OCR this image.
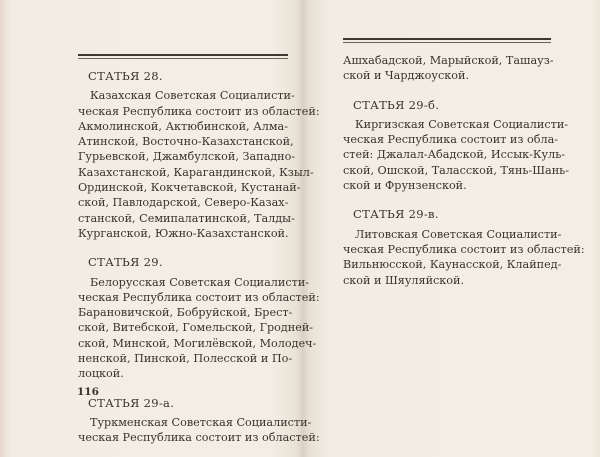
СТАТЬЯ 28.
Казахская Советская Социалисти-
ческая Республика состоит из областей:
Акмолинской, Актюбинской, Алма-
Атинской, Восточно-Казахстанской,
Гурьевской, Джамбулской, Западно-
Казахстанской, Карагандинской, Кзыл-
Ординской, Кокчетавской, Кустанай-
ской, Павлодарской, Северо-Казах-
станской, Семипалатинской, Талды-
Курганской, Южно-Казахстанской.
СТАТЬЯ 29.
Белорусская Советская Социалисти-
ческая Республика состоит из областей:
Барановичской, Бобруйской, Брест-
ской, Витебской, Гомельской, Гродней-
ской, Минской, Могилёвской, Молодеч-
ненской, Пинской, Полесской и По-
лоцкой.
СТАТЬЯ 29-а.
Туркменская Советская Социалисти-
ческая Республика состоит из областей:
116
Ашхабадской, Марыйской, Ташауз-
ской и Чарджоуской.
СТАТЬЯ 29-б.
Киргизская Советская Социалисти-
ческая Республика состоит из обла-
стей: Джалал-Абадской, Иссык-Куль-
ской, Ошской, Таласской, Тянь-Шань-
ской и Фрунзенской.
СТАТЬЯ 29-в.
Литовская Советская Социалисти-
ческая Республика состоит из областей:
Вильнюсской, Каунасской, Клайпед-
ской и Шяуляйской.
